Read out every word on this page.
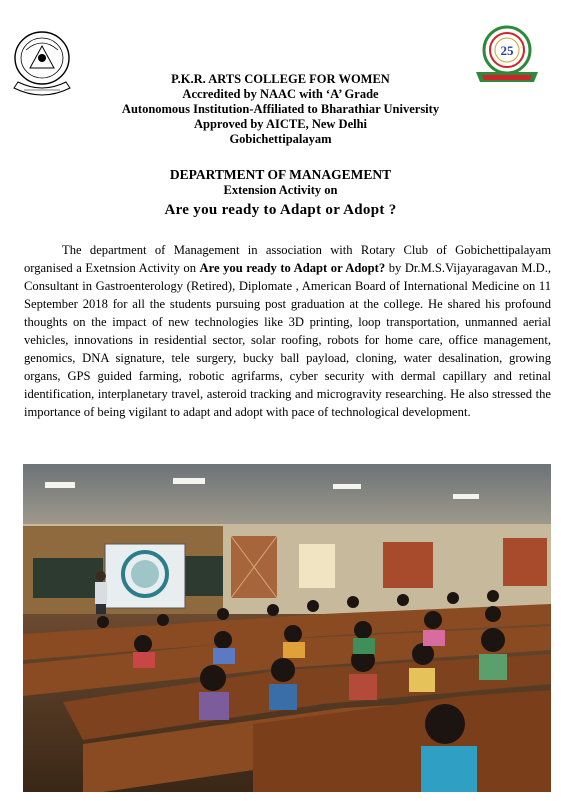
25
P.K.R. ARTS COLLEGE FOR WOMEN
Accredited by NAAC with ‘A’ Grade
Autonomous Institution-Affiliated to Bharathiar University
Approved by AICTE, New Delhi
Gobichettipalayam
DEPARTMENT OF MANAGEMENT
Extension Activity on
Are you ready to Adapt or Adopt ?
The department of Management in association with Rotary Club of Gobichettipalayam organised a Exetnsion Activity on Are you ready to Adapt or Adopt? by Dr.M.S.Vijayaragavan M.D., Consultant in Gastroenterology (Retired), Diplomate , American Board of International Medicine on 11 September 2018 for all the students pursuing post graduation at the college. He shared his profound thoughts on the impact of new technologies like 3D printing, loop transportation, unmanned aerial vehicles, innovations in residential sector, solar roofing, robots for home care, office management, genomics, DNA signature, tele surgery, bucky ball payload, cloning, water desalination, growing organs, GPS guided farming, robotic agrifarms, cyber security with dermal capillary and retinal identification, interplanetary travel, asteroid tracking and microgravity researching. He also stressed the importance of being vigilant to adapt and adopt with pace of technological development.
